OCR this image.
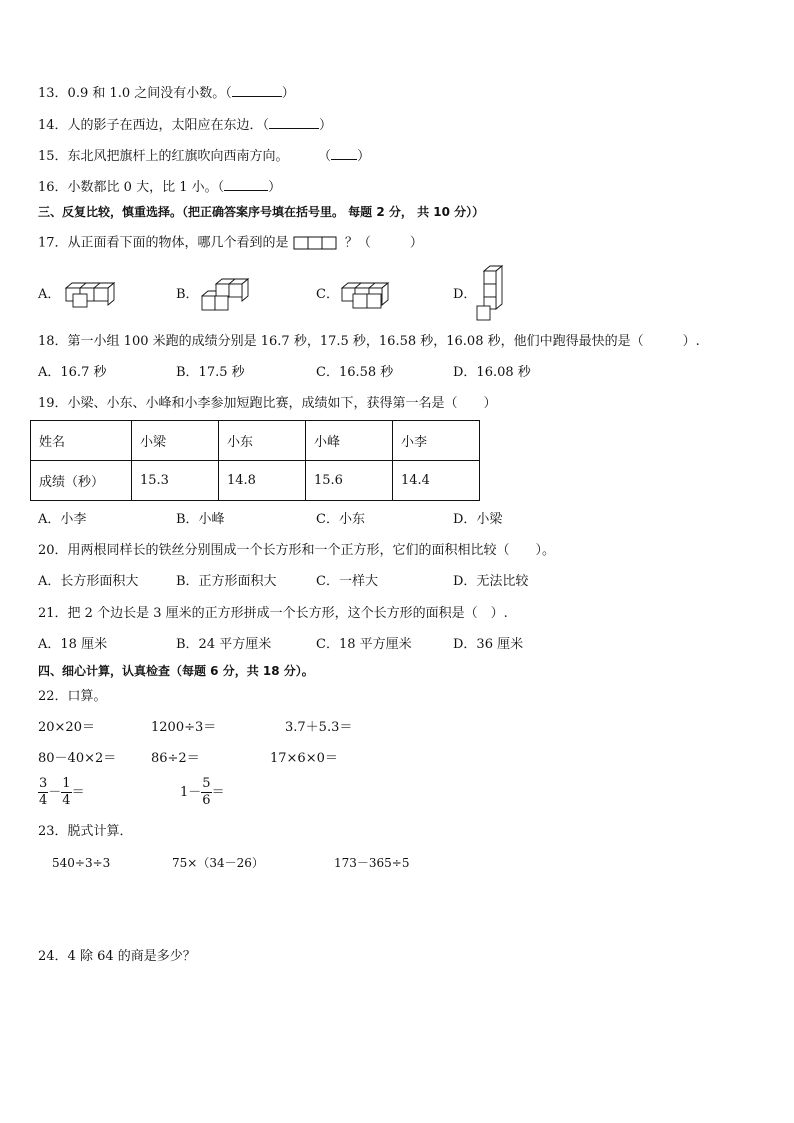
13．0.9 和 1.0 之间没有小数。（	）
14．人的影子在西边，太阳应在东边．（	）
15．东北风把旗杆上的红旗吹向西南方向。	（ ）
16．小数都比 0 大，比 1 小。（	）
三、反复比较，慎重选择。（把正确答案序号填在括号里。 每题 2 分， 共 10 分））
17．从正面看下面的物体，哪几个看到的是	？（　　　）
A．	B．	C．	D．
18．第一小组 100 米跑的成绩分别是 16.7 秒，17.5 秒，16.58 秒，16.08 秒，他们中跑得最快的是（　　　）.
A．16.7 秒	B．17.5 秒	C．16.58 秒	D．16.08 秒
19．小梁、小东、小峰和小李参加短跑比赛，成绩如下，获得第一名是（　　）
姓名	小梁	小东	小峰	小李
成绩（秒）	15.3	14.8	15.6	14.4
A．小李	B．小峰	C．小东	D．小梁
20．用两根同样长的铁丝分别围成一个长方形和一个正方形，它们的面积相比较（　　）。
A．长方形面积大	B．正方形面积大	C．一样大	D．无法比较
21．把 2 个边长是 3 厘米的正方形拼成一个长方形，这个长方形的面积是（　）.
A．18 厘米	B．24 平方厘米	C．18 平方厘米	D．36 厘米
四、细心计算，认真检查（每题 6 分，共 18 分）。
22．口算。
20×20＝	1200÷3＝	3.7＋5.3＝
80－40×2＝	86÷2＝	17×6×0＝
$\frac{3}{4} - \frac{1}{4}$ ＝	$1- \frac{5}{6}$ ＝
23．脱式计算．
540÷3÷3	75×（34－26）	173－365÷5
24．4 除 64 的商是多少？
